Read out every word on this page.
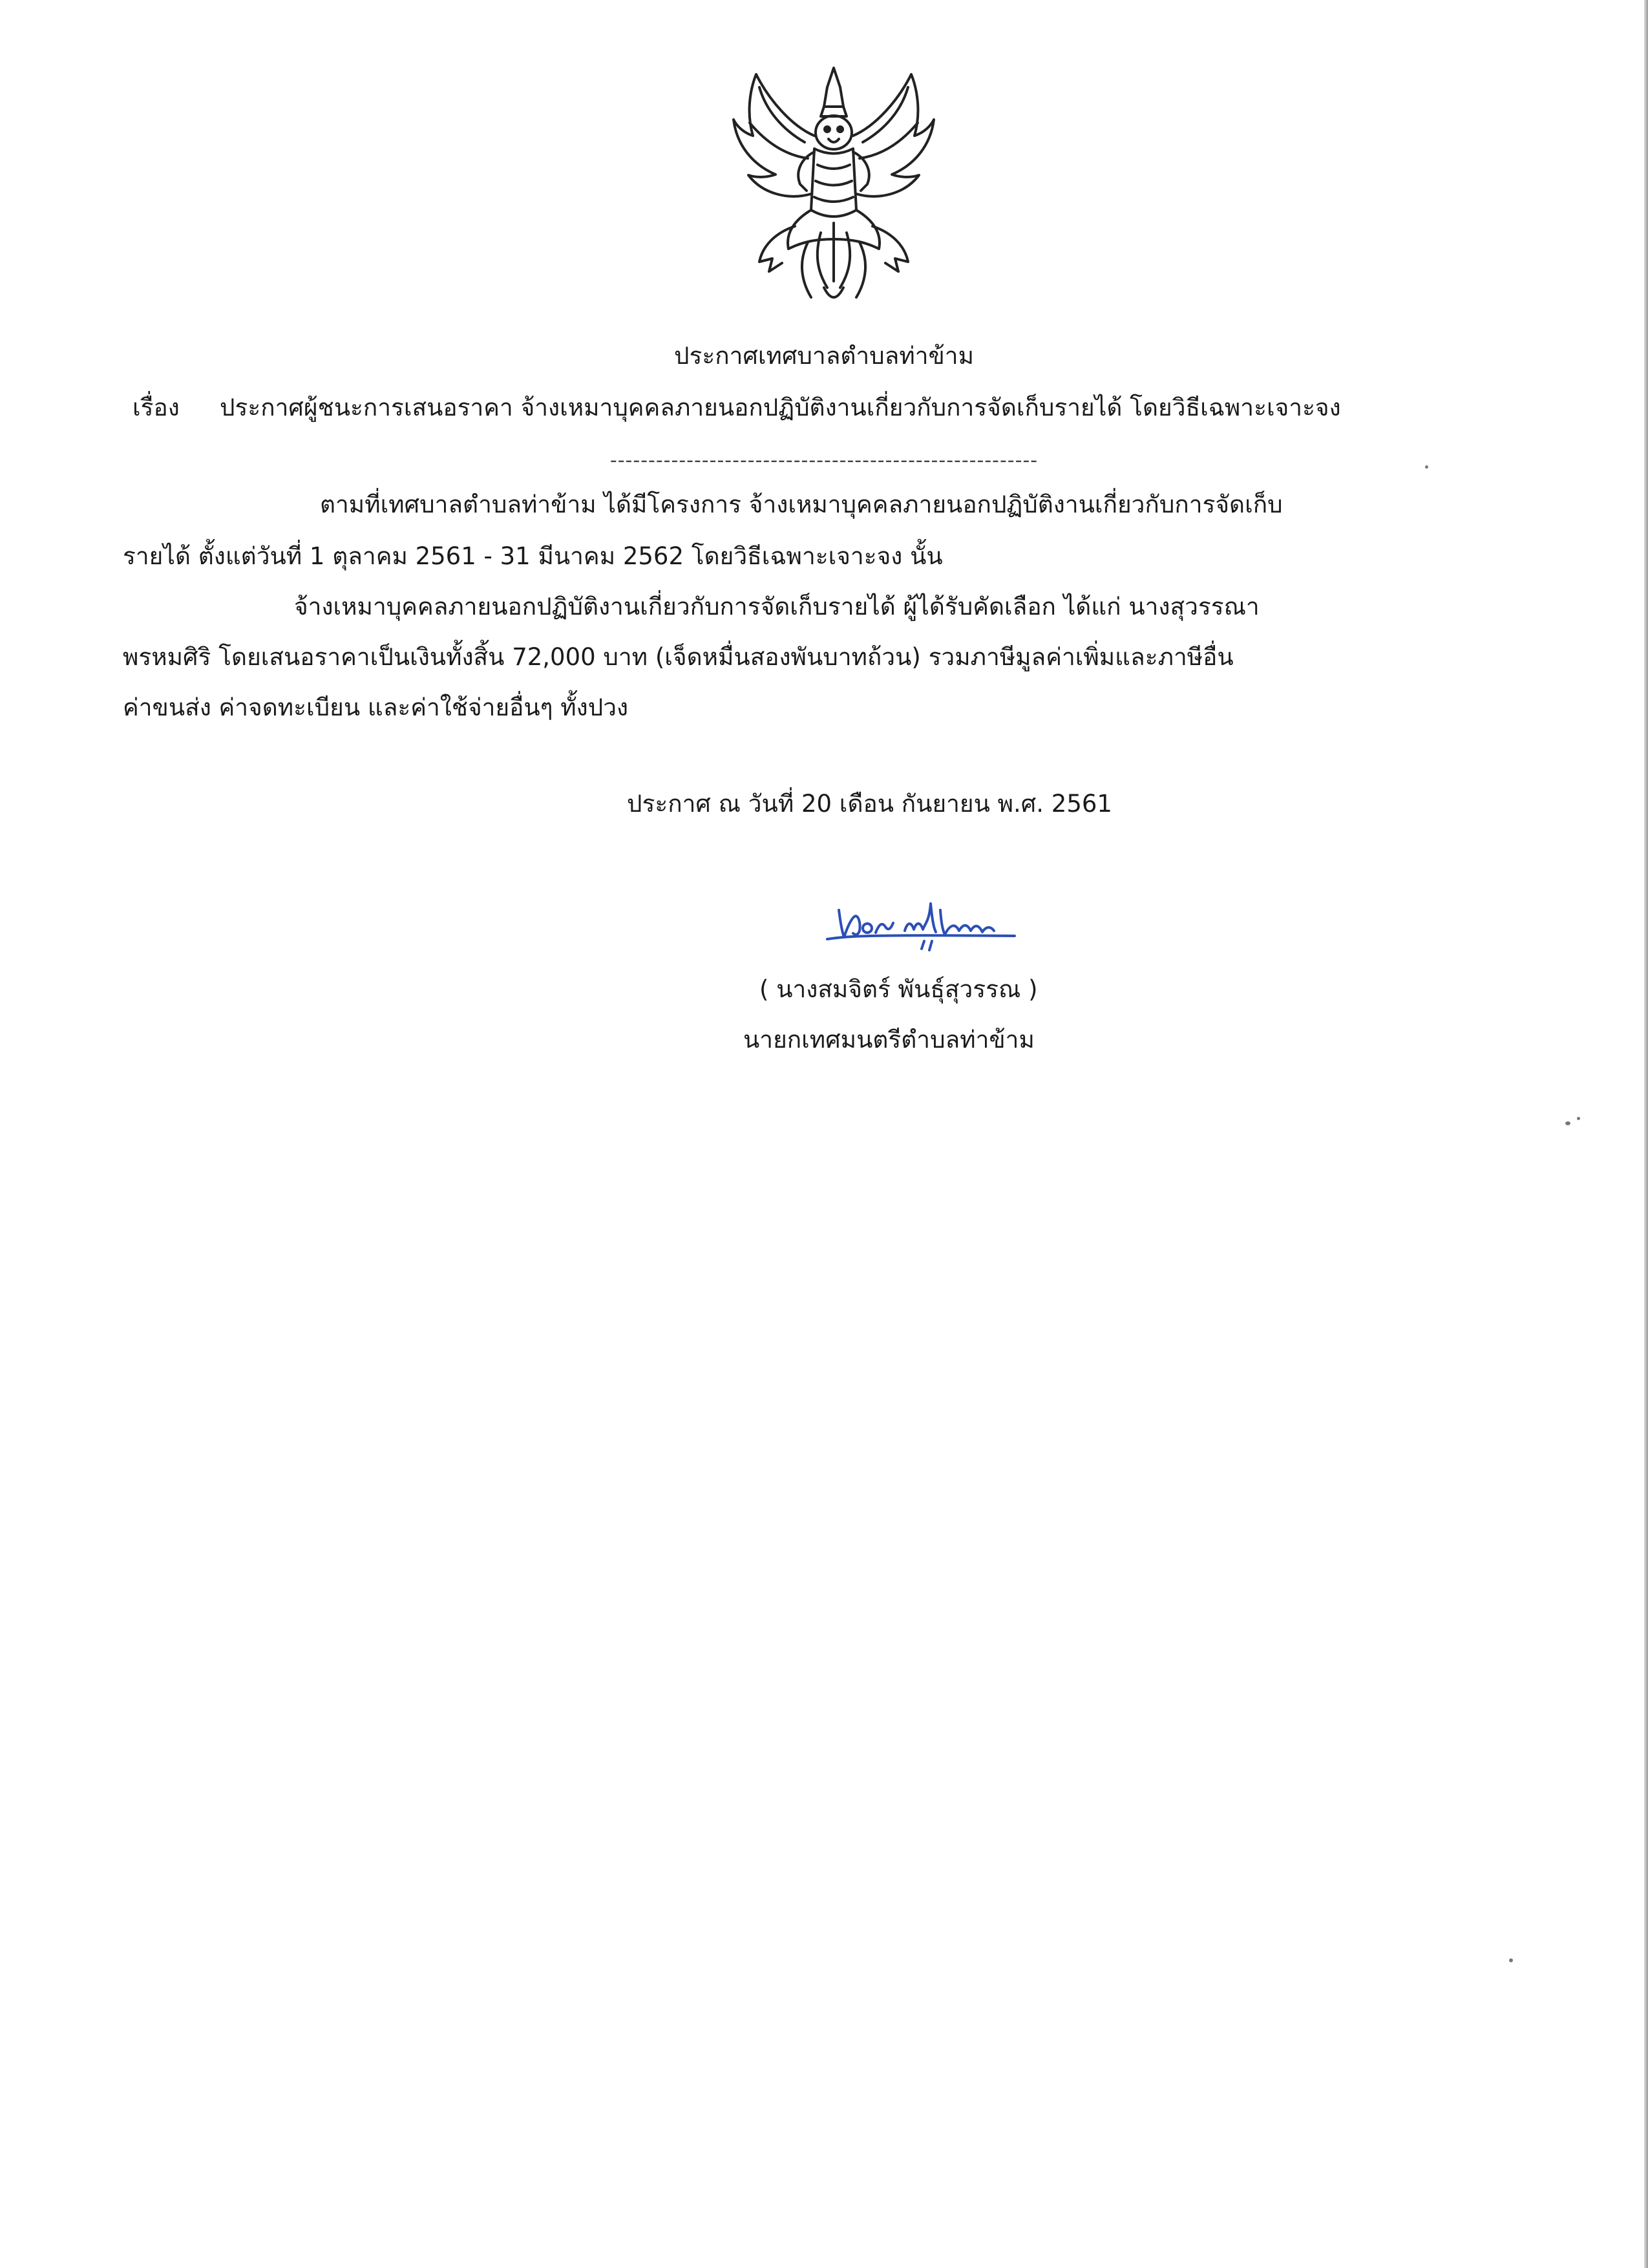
ประกาศเทศบาลตำบลท่าข้าม
เรื่อง	ประกาศผู้ชนะการเสนอราคา จ้างเหมาบุคคลภายนอกปฏิบัติงานเกี่ยวกับการจัดเก็บรายได้ โดยวิธีเฉพาะเจาะจง
--------------------------------------------------------
ตามที่เทศบาลตำบลท่าข้าม ได้มีโครงการ จ้างเหมาบุคคลภายนอกปฏิบัติงานเกี่ยวกับการจัดเก็บ
รายได้ ตั้งแต่วันที่ 1 ตุลาคม 2561 - 31 มีนาคม 2562 โดยวิธีเฉพาะเจาะจง นั้น
จ้างเหมาบุคคลภายนอกปฏิบัติงานเกี่ยวกับการจัดเก็บรายได้ ผู้ได้รับคัดเลือก ได้แก่ นางสุวรรณา
พรหมศิริ โดยเสนอราคาเป็นเงินทั้งสิ้น 72,000 บาท (เจ็ดหมื่นสองพันบาทถ้วน) รวมภาษีมูลค่าเพิ่มและภาษีอื่น
ค่าขนส่ง ค่าจดทะเบียน และค่าใช้จ่ายอื่นๆ ทั้งปวง
ประกาศ ณ วันที่ 20 เดือน กันยายน พ.ศ. 2561
( นางสมจิตร์ พันธุ์สุวรรณ )
นายกเทศมนตรีตำบลท่าข้าม
